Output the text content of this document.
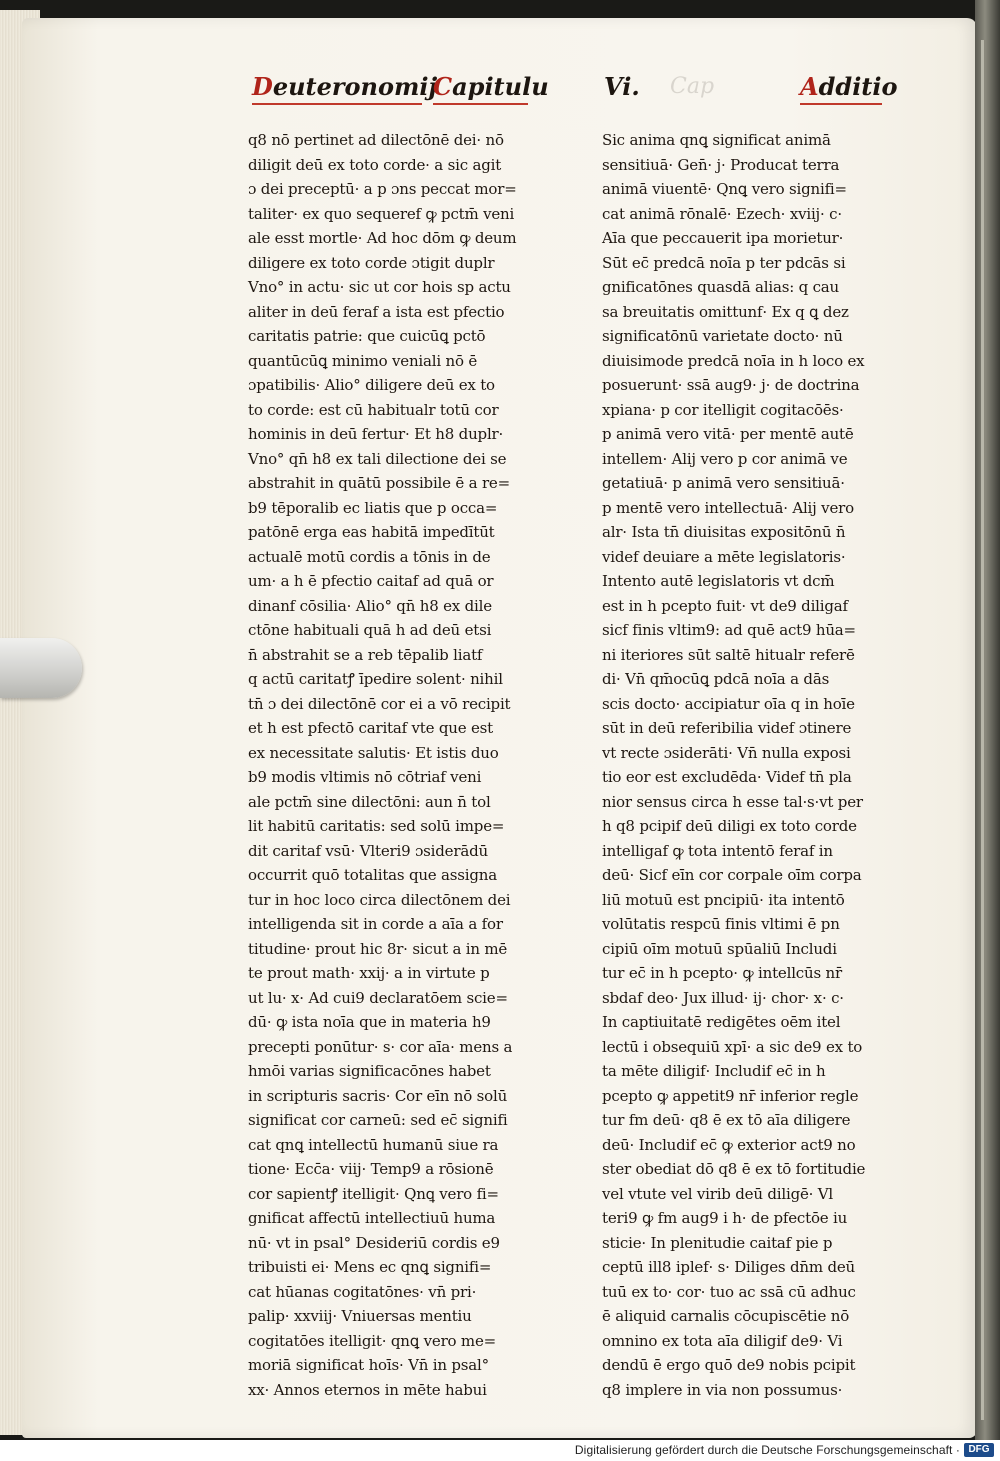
Deuteronomij
Capitulu Vi. Cap	Additio
q8 nō pertinet ad dilectōnē dei· nō
diligit deū ex toto corde· a sic agit
ɔ dei preceptū· a p ɔns peccat mor=
taliter· ex quo sequeref ꝙ pctm̄ veni
ale esst mortle· Ad hoc dōm ꝙ deum
diligere ex toto corde ɔtigit duplr
Vno° in actu· sic ut cor hois sp actu
aliter in deū feraf a ista est pfectio
caritatis patrie: que cuicūꝗ pctō
quantūcūꝗ minimo veniali nō ē
ɔpatibilis· Alio° diligere deū ex to
to corde: est cū habitualr totū cor
hominis in deū fertur· Et h8 duplr·
Vno° qn̄ h8 ex tali dilectione dei se
abstrahit in quātū possibile ē a re=
b9 tēporalib ec liatis que p occa=
patōnē erga eas habitā impedītūt
actualē motū cordis a tōnis in de
um· a h ē pfectio caitaf ad quā or
dinanf cōsilia· Alio° qn̄ h8 ex dile
ctōne habituali quā h ad deū etsi
n̄ abstrahit se a reb tēpalib liatf
q actū caritatꝭ īpedire solent· nihil
tn̄ ɔ dei dilectōnē cor ei a vō recipit
et h est pfectō caritaf vte que est
ex necessitate salutis· Et istis duo
b9 modis vltimis nō cōtriaf veni
ale pctm̄ sine dilectōni: aun n̄ tol
lit habitū caritatis: sed solū impe=
dit caritaf vsū· Vlteri9 ɔsiderādū
occurrit quō totalitas que assigna
tur in hoc loco circa dilectōnem dei
intelligenda sit in corde a aīa a for
titudine· prout hic 8r· sicut a in mē
te prout math· xxij· a in virtute p
ut lu· x· Ad cui9 declaratōem scie=
dū· ꝙ ista noīa que in materia h9
precepti ponūtur· s· cor aīa· mens a
hmōi varias significacōnes habet
in scripturis sacris· Cor eīn nō solū
significat cor carneū: sed ec̄ signifi
cat qnꝗ intellectū humanū siue ra
tione· Ecc̄a· viij· Temp9 a rōsionē
cor sapientꝭ itelligit· Qnꝗ vero fi=
gnificat affectū intellectiuū huma
nū· vt in psal° Desideriū cordis e9
tribuisti ei· Mens ec qnꝗ signifi=
cat hūanas cogitatōnes· vn̄ pri·
palip· xxviij· Vniuersas mentiu
cogitatōes itelligit· qnꝗ vero me=
moriā significat hoīs· Vn̄ in psal°
xx· Annos eternos in mēte habui
Sic anima qnꝗ significat animā
sensitiuā· Gen̄· j· Producat terra
animā viuentē· Qnꝗ vero signifi=
cat animā rōnalē· Ezech· xviij· c·
Aīa que peccauerit ipa morietur·
Sūt ec̄ predcā noīa p ter pdcās si
gnificatōnes quasdā alias: q cau
sa breuitatis omittunf· Ex q ꝗ dez
significatōnū varietate docto· nū
diuisimode predcā noīa in h loco ex
posuerunt· ssā aug9· j· de doctrina
xpiana· p cor itelligit cogitacōēs·
p animā vero vitā· per mentē autē
intellem· Alij vero p cor animā ve
getatiuā· p animā vero sensitiuā·
p mentē vero intellectuā· Alij vero
alr· Ista tn̄ diuisitas expositōnū n̄
videf deuiare a mēte legislatoris·
Intento autē legislatoris vt dcm̄
est in h pcepto fuit· vt de9 diligaf
sicf finis vltim9: ad quē act9 hūa=
ni iteriores sūt saltē hitualr referē
di· Vn̄ qm̄ocūꝗ pdcā noīa a dās
scis docto· accipiatur oīa q in hoīe
sūt in deū referibilia videf ɔtinere
vt recte ɔsiderāti· Vn̄ nulla exposi
tio eor est excludēda· Videf tn̄ pla
nior sensus circa h esse tal·s·vt per
h q8 pcipif deū diligi ex toto corde
intelligaf ꝙ tota intentō feraf in
deū· Sicf eīn cor corpale oīm corpa
liū motuū est pncipiū· ita intentō
volūtatis respcū finis vltimi ē pn
cipiū oīm motuū spūaliū Includi
tur ec̄ in h pcepto· ꝙ intellcūs nr̄
sbdaf deo· Jux illud· ij· chor· x· c·
In captiuitatē redigētes oēm itel
lectū i obsequiū xpī· a sic de9 ex to
ta mēte diligif· Includif ec̄ in h
pcepto ꝙ appetit9 nr̄ inferior regle
tur fm deū· q8 ē ex tō aīa diligere
deū· Includif ec̄ ꝙ exterior act9 no
ster obediat dō q8 ē ex tō fortitudie
vel vtute vel virib deū diligē· Vl
teri9 ꝙ fm aug9 i h· de pfectōe iu
sticie· In plenitudie caitaf pie p
ceptū ill8 iplef· s· Diliges dn̄m deū
tuū ex to· cor· tuo ac ssā cū adhuc
ē aliquid carnalis cōcupiscētie nō
omnino ex tota aīa diligif de9· Vi
dendū ē ergo quō de9 nobis pcipit
q8 implere in via non possumus·
Digitalisierung gefördert durch die Deutsche Forschungsgemeinschaft · DFG
